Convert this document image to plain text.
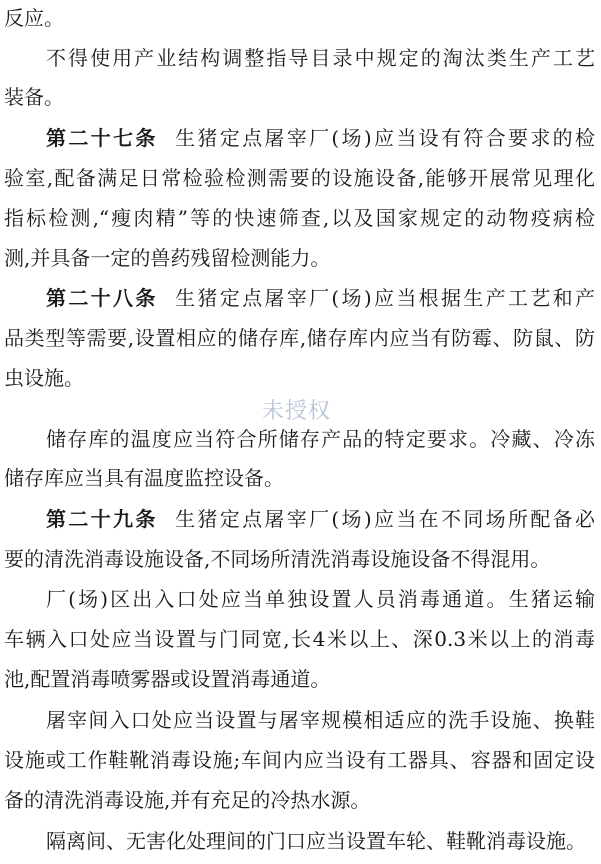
反应。
不得使用产业结构调整指导目录中规定的淘汰类生产工艺
装备。
第二十七条 生猪定点屠宰厂(场)应当设有符合要求的检
验室,配备满足日常检验检测需要的设施设备,能够开展常见理化
指标检测,“瘦肉精”等的快速筛查,以及国家规定的动物疫病检
测,并具备一定的兽药残留检测能力。
第二十八条 生猪定点屠宰厂(场)应当根据生产工艺和产
品类型等需要,设置相应的储存库,储存库内应当有防霉、防鼠、防
虫设施。
储存库的温度应当符合所储存产品的特定要求。冷藏、冷冻
储存库应当具有温度监控设备。
第二十九条 生猪定点屠宰厂(场)应当在不同场所配备必
要的清洗消毒设施设备,不同场所清洗消毒设施设备不得混用。
厂(场)区出入口处应当单独设置人员消毒通道。生猪运输
车辆入口处应当设置与门同宽,长4米以上、深0.3米以上的消毒
池,配置消毒喷雾器或设置消毒通道。
屠宰间入口处应当设置与屠宰规模相适应的洗手设施、换鞋
设施或工作鞋靴消毒设施;车间内应当设有工器具、容器和固定设
备的清洗消毒设施,并有充足的冷热水源。
隔离间、无害化处理间的门口应当设置车轮、鞋靴消毒设施。
未授权
